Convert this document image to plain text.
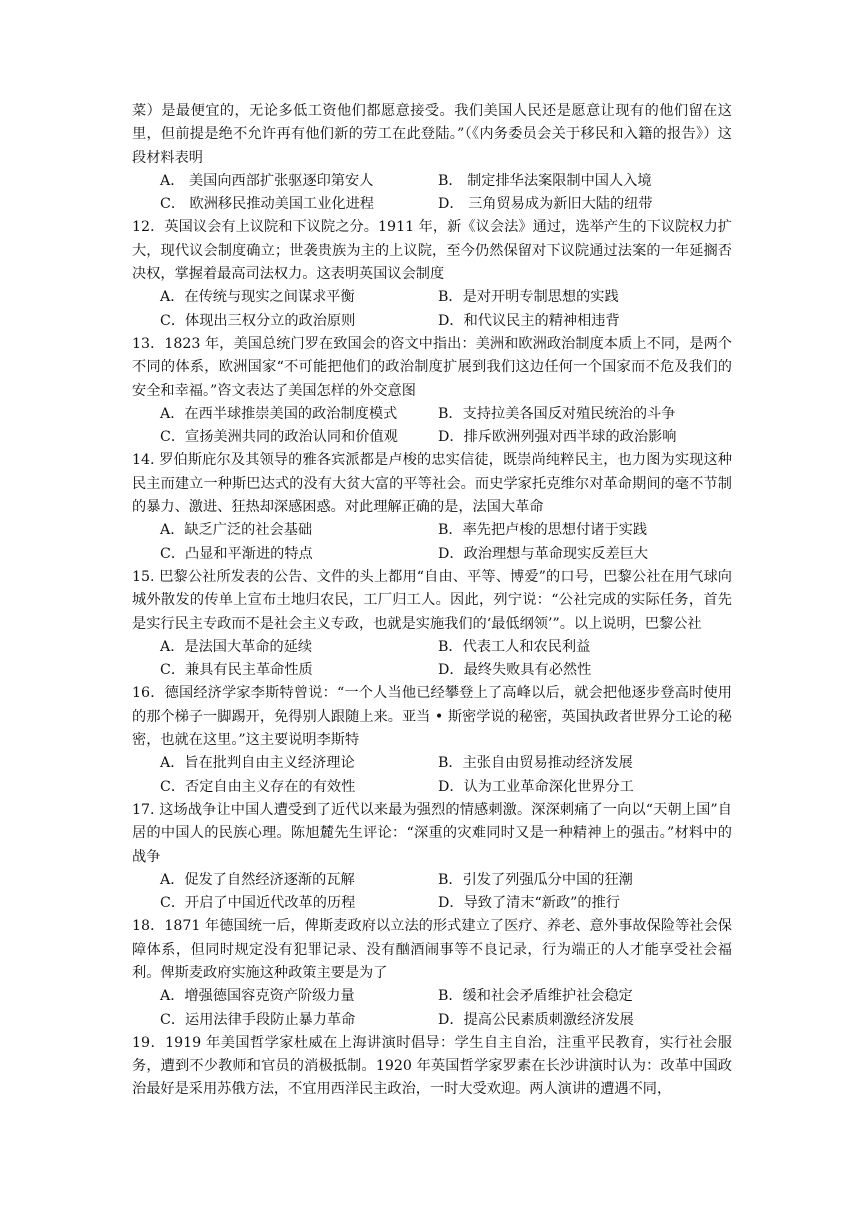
菜）是最便宜的，无论多低工资他们都愿意接受。我们美国人民还是愿意让现有的他们留在这里，但前提是绝不允许再有他们新的劳工在此登陆。”（《内务委员会关于移民和入籍的报告》）这段材料表明

A． 美国向西部扩张驱逐印第安人	B． 制定排华法案限制中国人入境
C． 欧洲移民推动美国工业化进程	D． 三角贸易成为新旧大陆的纽带

12．英国议会有上议院和下议院之分。1911 年，新《议会法》通过，选举产生的下议院权力扩大，现代议会制度确立；世袭贵族为主的上议院，至今仍然保留对下议院通过法案的一年延搁否决权，掌握着最高司法权力。这表明英国议会制度

A．在传统与现实之间谋求平衡	B．是对开明专制思想的实践
C．体现出三权分立的政治原则	D．和代议民主的精神相违背

13．1823 年，美国总统门罗在致国会的咨文中指出：美洲和欧洲政治制度本质上不同，是两个不同的体系，欧洲国家“不可能把他们的政治制度扩展到我们这边任何一个国家而不危及我们的安全和幸福。”咨文表达了美国怎样的外交意图

A．在西半球推崇美国的政治制度模式	B．支持拉美各国反对殖民统治的斗争
C．宣扬美洲共同的政治认同和价值观	D．排斥欧洲列强对西半球的政治影响

14. 罗伯斯庇尔及其领导的雅各宾派都是卢梭的忠实信徒，既崇尚纯粹民主，也力图为实现这种民主而建立一种斯巴达式的没有大贫大富的平等社会。而史学家托克维尔对革命期间的毫不节制的暴力、激进、狂热却深感困惑。对此理解正确的是，法国大革命

A．缺乏广泛的社会基础	B．率先把卢梭的思想付诸于实践
C．凸显和平渐进的特点	D．政治理想与革命现实反差巨大

15. 巴黎公社所发表的公告、文件的头上都用“自由、平等、博爱”的口号，巴黎公社在用气球向城外散发的传单上宣布土地归农民，工厂归工人。因此，列宁说：“公社完成的实际任务，首先是实行民主专政而不是社会主义专政，也就是实施我们的‘最低纲领’”。以上说明，巴黎公社

A．是法国大革命的延续	B．代表工人和农民利益
C．兼具有民主革命性质	D．最终失败具有必然性

16．德国经济学家李斯特曾说：“一个人当他已经攀登上了高峰以后，就会把他逐步登高时使用的那个梯子一脚踢开，免得别人跟随上来。亚当 • 斯密学说的秘密，英国执政者世界分工论的秘密，也就在这里。”这主要说明李斯特

A．旨在批判自由主义经济理论	B．主张自由贸易推动经济发展
C．否定自由主义存在的有效性	D．认为工业革命深化世界分工

17. 这场战争让中国人遭受到了近代以来最为强烈的情感刺激。深深刺痛了一向以“天朝上国”自居的中国人的民族心理。陈旭麓先生评论：“深重的灾难同时又是一种精神上的强击。”材料中的战争

A．促发了自然经济逐渐的瓦解	B．引发了列强瓜分中国的狂潮
C．开启了中国近代改革的历程	D．导致了清末“新政”的推行

18．1871 年德国统一后，俾斯麦政府以立法的形式建立了医疗、养老、意外事故保险等社会保障体系，但同时规定没有犯罪记录、没有酗酒闹事等不良记录，行为端正的人才能享受社会福利。俾斯麦政府实施这种政策主要是为了

A．增强德国容克资产阶级力量	B．缓和社会矛盾维护社会稳定
C．运用法律手段防止暴力革命	D．提高公民素质刺激经济发展

19．1919 年美国哲学家杜威在上海讲演时倡导：学生自主自治，注重平民教育，实行社会服务，遭到不少教师和官员的消极抵制。1920 年英国哲学家罗素在长沙讲演时认为：改革中国政治最好是采用苏俄方法，不宜用西洋民主政治，一时大受欢迎。两人演讲的遭遇不同，
